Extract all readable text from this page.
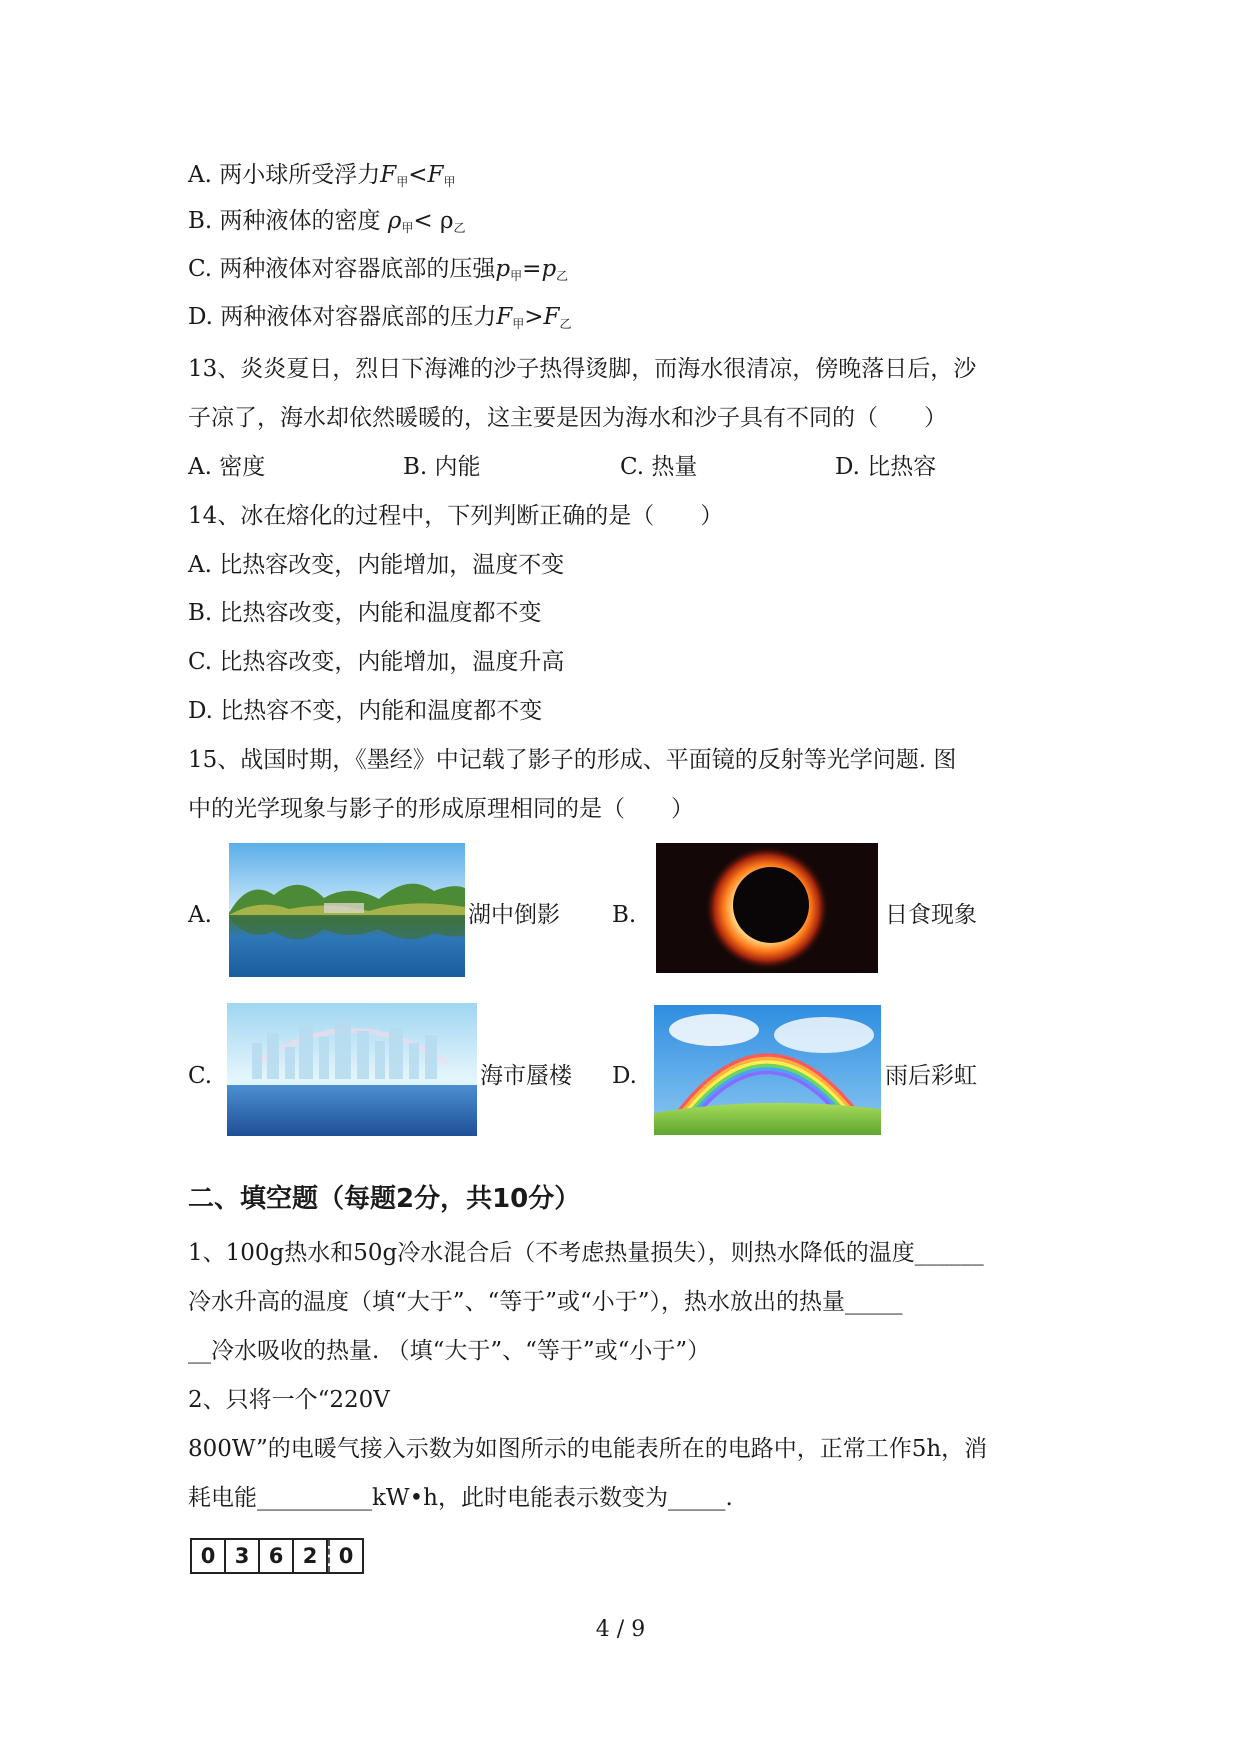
A. 两小球所受浮力$F_甲<F_甲$
B. 两种液体的密度 $\rho_甲< \rho_乙$
C. 两种液体对容器底部的压强$p_甲=p_乙$
D. 两种液体对容器底部的压力$F_甲>F_乙$
13、炎炎夏日，烈日下海滩的沙子热得烫脚，而海水很清凉，傍晚落日后，沙
子凉了，海水却依然暖暖的，这主要是因为海水和沙子具有不同的（　　）
A. 密度	B. 内能	C. 热量	D. 比热容
14、冰在熔化的过程中，下列判断正确的是（　　）
A. 比热容改变，内能增加，温度不变
B. 比热容改变，内能和温度都不变
C. 比热容改变，内能增加，温度升高
D. 比热容不变，内能和温度都不变
15、战国时期，《墨经》中记载了影子的形成、平面镜的反射等光学问题. 图
中的光学现象与影子的形成原理相同的是（　　）
A.	湖中倒影 B.	日食现象
C.	海市蜃楼 D.	雨后彩虹
二、填空题（每题2分，共10分）
1、100g热水和50g冷水混合后（不考虑热量损失），则热水降低的温度______
冷水升高的温度（填“大于”、“等于”或“小于”），热水放出的热量_____
__冷水吸收的热量. （填“大于”、“等于”或“小于”）
2、只将一个“220V
800W”的电暖气接入示数为如图所示的电能表所在的电路中，正常工作5h，消
耗电能__________kW•h，此时电能表示数变为_____.
0 3 6 2	0
4 / 9
